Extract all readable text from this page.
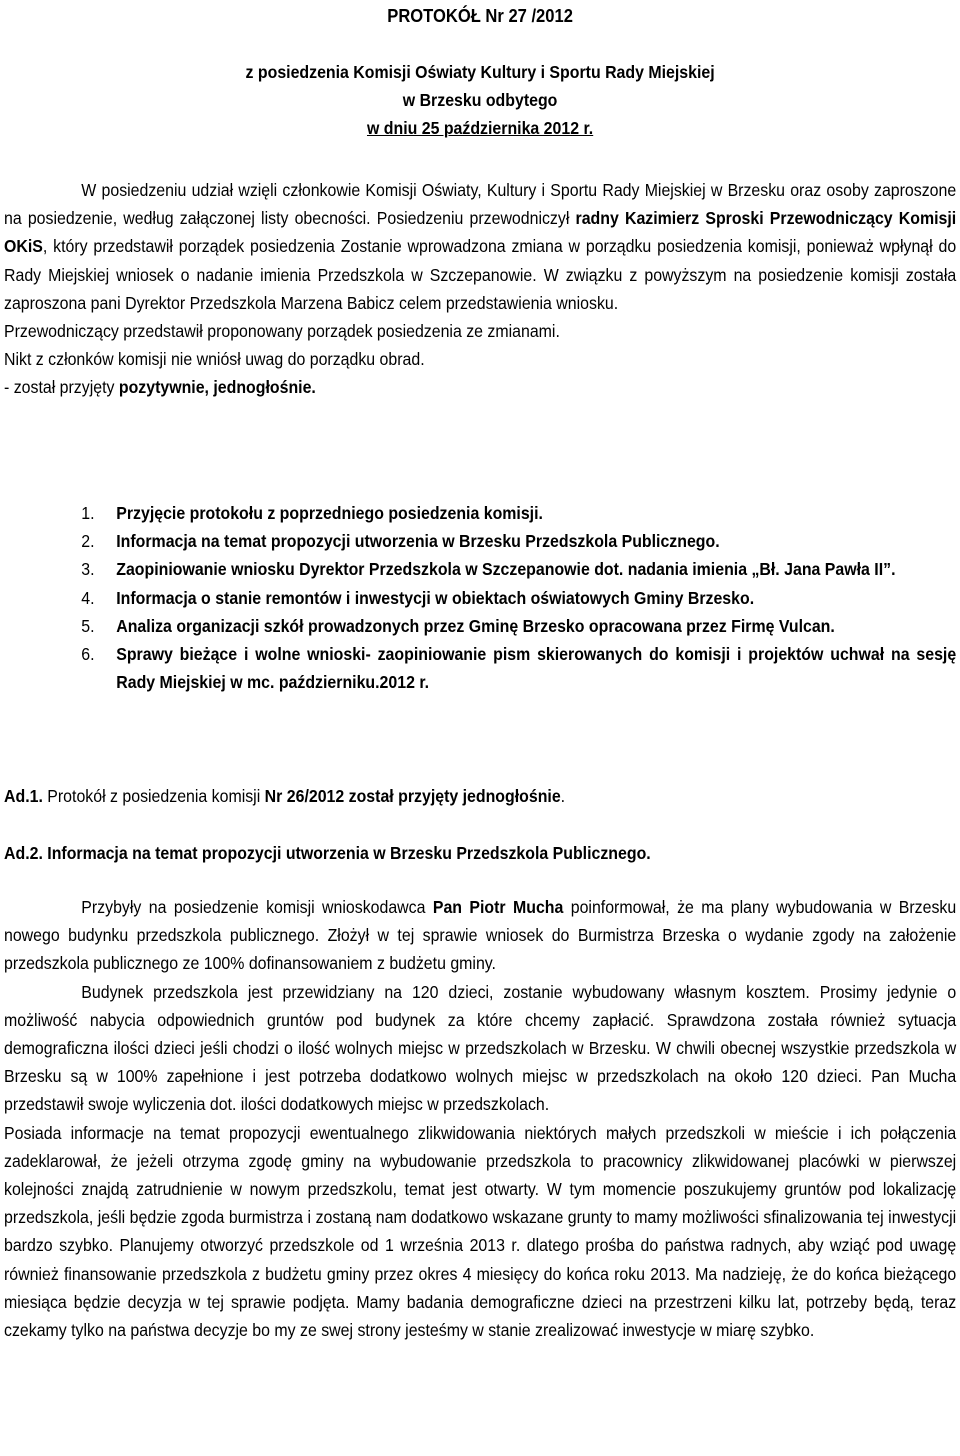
PROTOKÓŁ Nr 27 /2012

z posiedzenia Komisji Oświaty Kultury i Sportu Rady Miejskiej

w Brzesku odbytego

w dniu 25 października 2012 r.

W posiedzeniu udział wzięli członkowie Komisji Oświaty, Kultury i Sportu Rady Miejskiej w Brzesku oraz osoby zaproszone na posiedzenie, według załączonej listy obecności. Posiedzeniu przewodniczył radny Kazimierz Sproski Przewodniczący Komisji OKiS, który przedstawił porządek posiedzenia Zostanie wprowadzona zmiana w porządku posiedzenia komisji, ponieważ wpłynął do Rady Miejskiej wniosek o nadanie imienia Przedszkola w Szczepanowie. W związku z powyższym na posiedzenie komisji została zaproszona pani Dyrektor Przedszkola Marzena Babicz celem przedstawienia wniosku.

Przewodniczący przedstawił proponowany porządek posiedzenia ze zmianami.

Nikt z członków komisji nie wniósł uwag do porządku obrad.

- został przyjęty pozytywnie, jednogłośnie.

1. Przyjęcie protokołu z poprzedniego posiedzenia komisji.
2. Informacja na temat propozycji utworzenia w Brzesku Przedszkola Publicznego.
3. Zaopiniowanie wniosku Dyrektor Przedszkola w Szczepanowie dot. nadania imienia „Bł. Jana Pawła II”.
4. Informacja o stanie remontów i inwestycji w obiektach oświatowych Gminy Brzesko.
5. Analiza organizacji szkół prowadzonych przez Gminę Brzesko opracowana przez Firmę Vulcan.
6. Sprawy bieżące i wolne wnioski- zaopiniowanie pism skierowanych do komisji i projektów uchwał na sesję Rady Miejskiej w mc. październiku.2012 r.

Ad.1. Protokół z posiedzenia komisji Nr 26/2012 został przyjęty jednogłośnie.

Ad.2. Informacja na temat propozycji utworzenia w Brzesku Przedszkola Publicznego.

Przybyły na posiedzenie komisji wnioskodawca Pan Piotr Mucha poinformował, że ma plany wybudowania w Brzesku nowego budynku przedszkola publicznego. Złożył w tej sprawie wniosek do Burmistrza Brzeska o wydanie zgody na założenie przedszkola publicznego ze 100% dofinansowaniem z budżetu gminy.

Budynek przedszkola jest przewidziany na 120 dzieci, zostanie wybudowany własnym kosztem. Prosimy jedynie o możliwość nabycia odpowiednich gruntów pod budynek za które chcemy zapłacić. Sprawdzona została również sytuacja demograficzna ilości dzieci jeśli chodzi o ilość wolnych miejsc w przedszkolach w Brzesku. W chwili obecnej wszystkie przedszkola w Brzesku są w 100% zapełnione i jest potrzeba dodatkowo wolnych miejsc w przedszkolach na około 120 dzieci. Pan Mucha przedstawił swoje wyliczenia dot. ilości dodatkowych miejsc w przedszkolach.

Posiada informacje na temat propozycji ewentualnego zlikwidowania niektórych małych przedszkoli w mieście i ich połączenia zadeklarował, że jeżeli otrzyma zgodę gminy na wybudowanie przedszkola to pracownicy zlikwidowanej placówki w pierwszej kolejności znajdą zatrudnienie w nowym przedszkolu, temat jest otwarty. W tym momencie poszukujemy gruntów pod lokalizację przedszkola, jeśli będzie zgoda burmistrza i zostaną nam dodatkowo wskazane grunty to mamy możliwości sfinalizowania tej inwestycji bardzo szybko. Planujemy otworzyć przedszkole od 1 września 2013 r. dlatego prośba do państwa radnych, aby wziąć pod uwagę również finansowanie przedszkola z budżetu gminy przez okres 4 miesięcy do końca roku 2013. Ma nadzieję, że do końca bieżącego miesiąca będzie decyzja w tej sprawie podjęta. Mamy badania demograficzne dzieci na przestrzeni kilku lat, potrzeby będą, teraz czekamy tylko na państwa decyzje bo my ze swej strony jesteśmy w stanie zrealizować inwestycje w miarę szybko.
